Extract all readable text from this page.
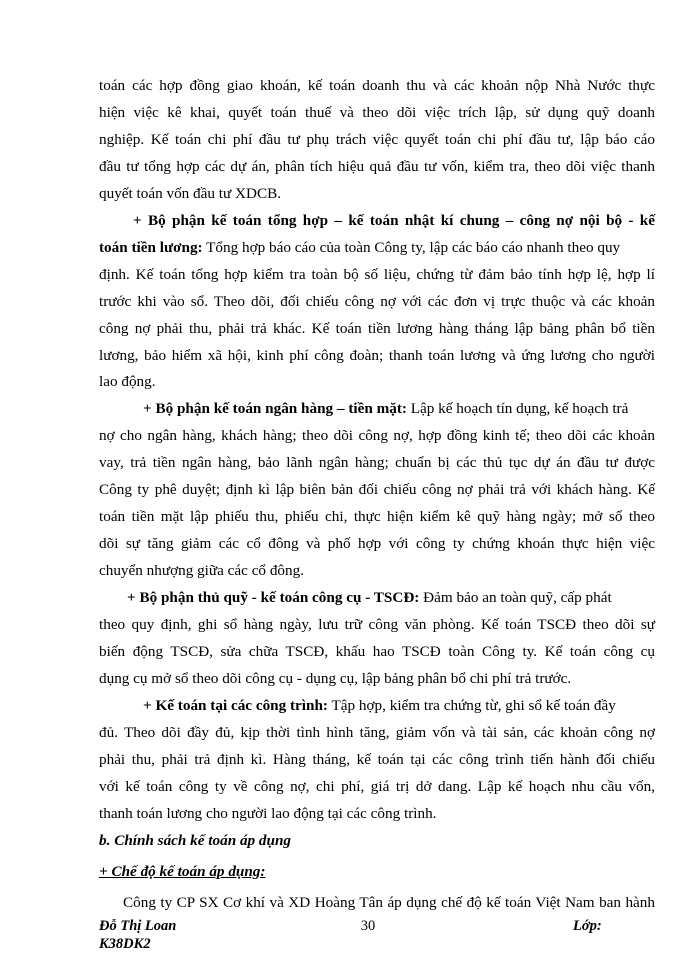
toán các hợp đồng giao khoán, kế toán doanh thu và các khoản nộp Nhà Nước thực
hiện việc kê khai, quyết toán thuế và theo dõi việc trích lập, sử dụng quỹ doanh
nghiệp. Kế toán chi phí đầu tư phụ trách việc quyết toán chi phí đầu tư, lập báo cáo
đầu tư tổng hợp các dự án, phân tích hiệu quả đầu tư vốn, kiểm tra, theo dõi việc thanh
quyết toán vốn đầu tư XDCB.
+ Bộ phận kế toán tổng hợp – kế toán nhật kí chung – công nợ nội bộ - kế
toán tiền lương: Tổng hợp báo cáo của toàn Công ty, lập các báo cáo nhanh theo quy
định. Kế toán tổng hợp kiểm tra toàn bộ số liệu, chứng từ đảm bảo tính hợp lệ, hợp lí
trước khi vào sổ. Theo dõi, đối chiếu công nợ với các đơn vị trực thuộc và các khoản
công nợ phải thu, phải trả khác. Kế toán tiền lương hàng tháng lập bảng phân bổ tiền
lương, bảo hiểm xã hội, kinh phí công đoàn; thanh toán lương và ứng lương cho người
lao động.
+ Bộ phận kế toán ngân hàng – tiền mặt: Lập kế hoạch tín dụng, kế hoạch trả
nợ cho ngân hàng, khách hàng; theo dõi công nợ, hợp đồng kinh tế; theo dõi các khoản
vay, trả tiền ngân hàng, bảo lãnh ngân hàng; chuẩn bị các thủ tục dự án đầu tư được
Công ty phê duyệt; định kì lập biên bản đối chiếu công nợ phải trả với khách hàng. Kế
toán tiền mặt lập phiếu thu, phiếu chi, thực hiện kiểm kê quỹ hàng ngày; mở sổ theo
dõi sự tăng giảm các cổ đông và phố hợp với công ty chứng khoán thực hiện việc
chuyển nhượng giữa các cổ đông.
+ Bộ phận thủ quỹ - kế toán công cụ - TSCĐ: Đảm bảo an toàn quỹ, cấp phát
theo quy định, ghi sổ hàng ngày, lưu trữ công văn phòng. Kế toán TSCĐ theo dõi sự
biến động TSCĐ, sửa chữa TSCĐ, khấu hao TSCĐ toàn Công ty. Kế toán công cụ
dụng cụ mở sổ theo dõi công cụ - dụng cụ, lập bảng phân bổ chi phí trả trước.
+ Kế toán tại các công trình: Tập hợp, kiểm tra chứng từ, ghi sổ kế toán đầy
đủ. Theo dõi đầy đủ, kịp thời tình hình tăng, giảm vốn và tài sản, các khoản công nợ
phải thu, phải trả định kì. Hàng tháng, kế toán tại các công trình tiến hành đối chiếu
với kế toán công ty về công nợ, chi phí, giá trị dở dang. Lập kế hoạch nhu cầu vốn,
thanh toán lương cho người lao động tại các công trình.
b. Chính sách kế toán áp dụng
+ Chế độ kế toán áp dụng:
Công ty CP SX Cơ khí và XD Hoàng Tân áp dụng chế độ kế toán Việt Nam ban hành
Đỗ Thị Loan	30	Lớp:
K38DK2
